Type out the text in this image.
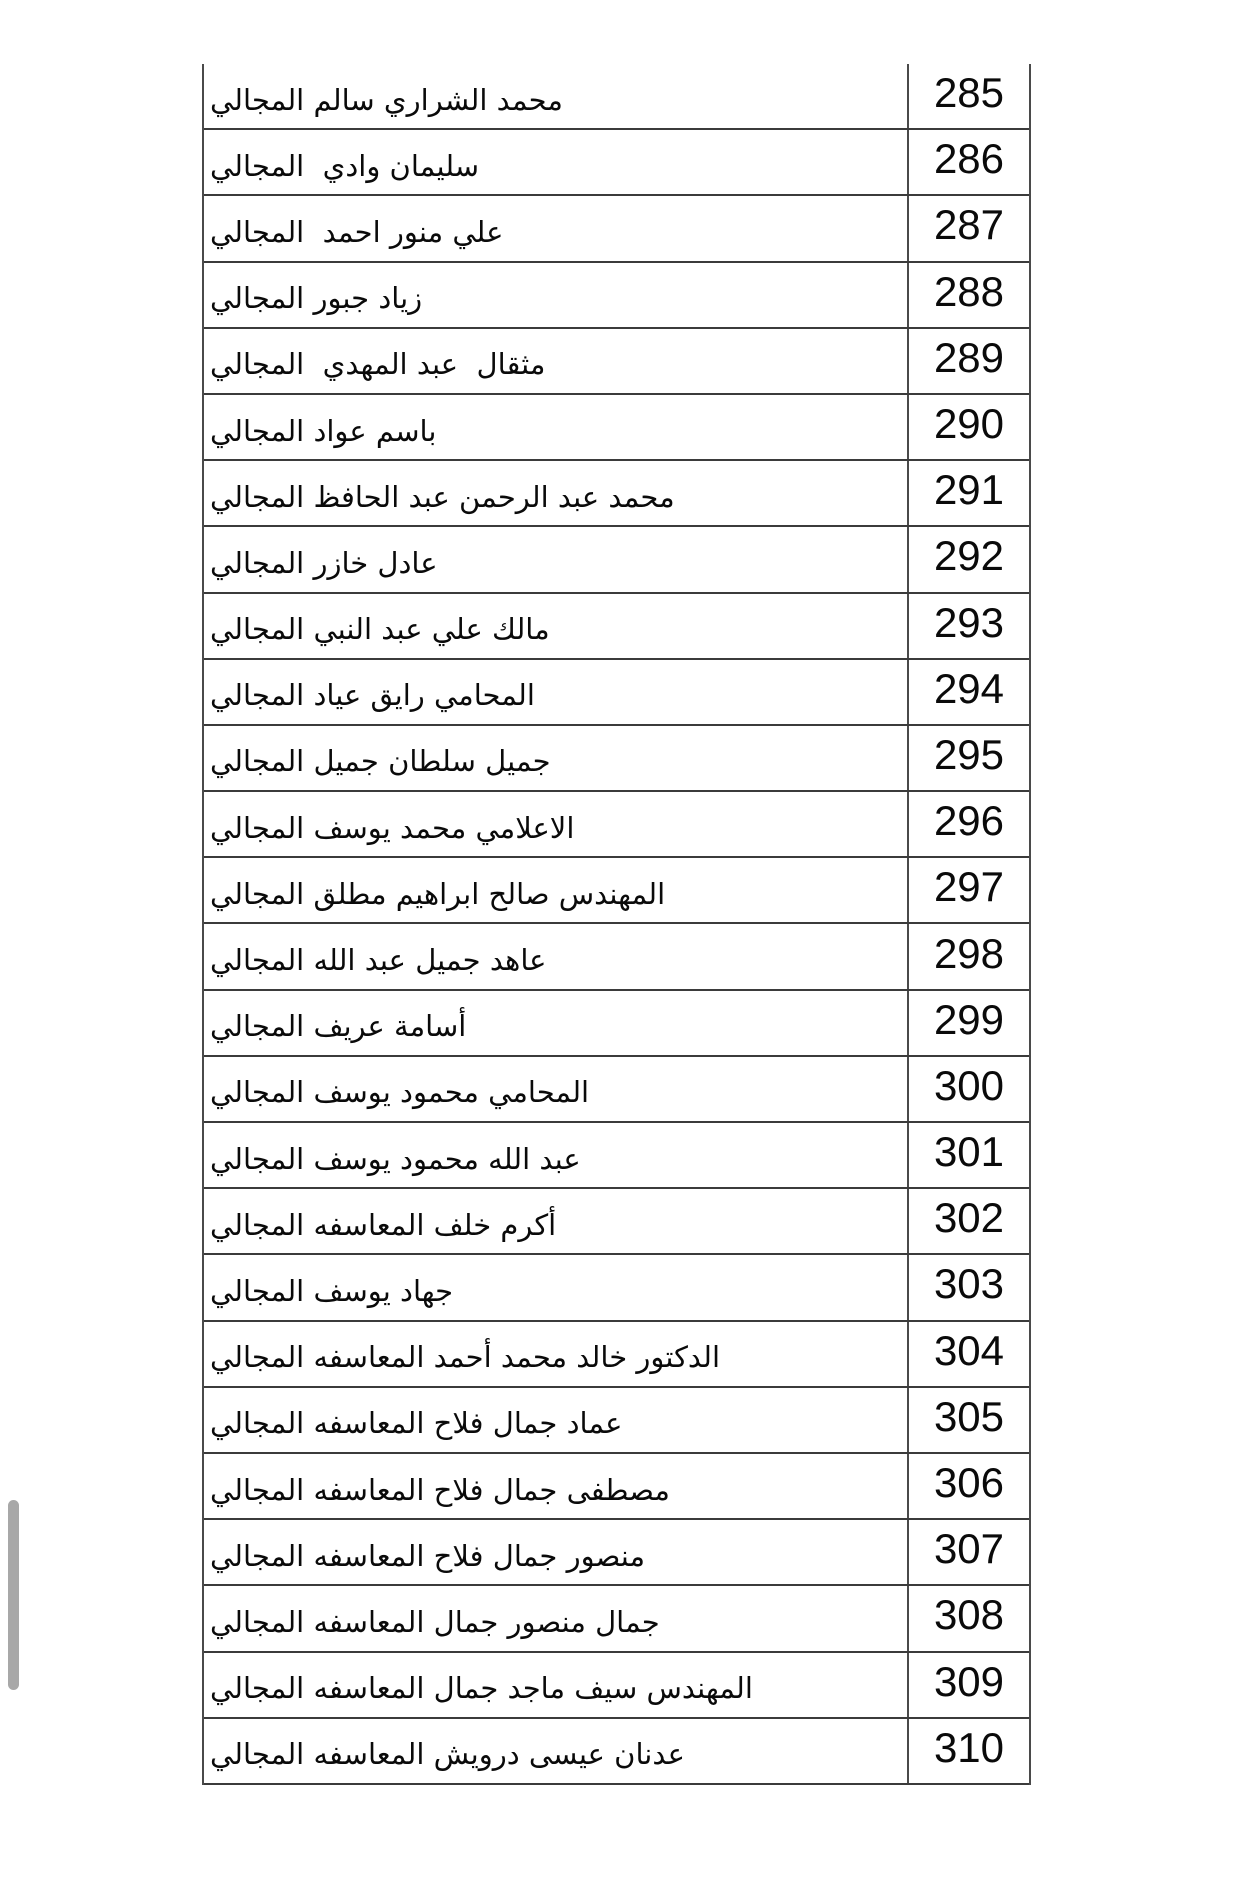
محمد الشراري سالم المجالي	285
سليمان وادي  المجالي	286
علي منور احمد  المجالي	287
زياد جبور المجالي	288
مثقال  عبد المهدي  المجالي	289
باسم عواد المجالي	290
محمد عبد الرحمن عبد الحافظ المجالي	291
عادل خازر المجالي	292
مالك علي عبد النبي المجالي	293
المحامي رايق عياد المجالي	294
جميل سلطان جميل المجالي	295
الاعلامي محمد يوسف المجالي	296
المهندس صالح ابراهيم مطلق المجالي	297
عاهد جميل عبد الله المجالي	298
أسامة عريف المجالي	299
المحامي محمود يوسف المجالي	300
عبد الله محمود يوسف المجالي	301
أكرم خلف المعاسفه المجالي	302
جهاد يوسف المجالي	303
الدكتور خالد محمد أحمد المعاسفه المجالي	304
عماد جمال فلاح المعاسفه المجالي	305
مصطفى جمال فلاح المعاسفه المجالي	306
منصور جمال فلاح المعاسفه المجالي	307
جمال منصور جمال المعاسفه المجالي	308
المهندس سيف ماجد جمال المعاسفه المجالي	309
عدنان عيسى درويش المعاسفه المجالي	310
